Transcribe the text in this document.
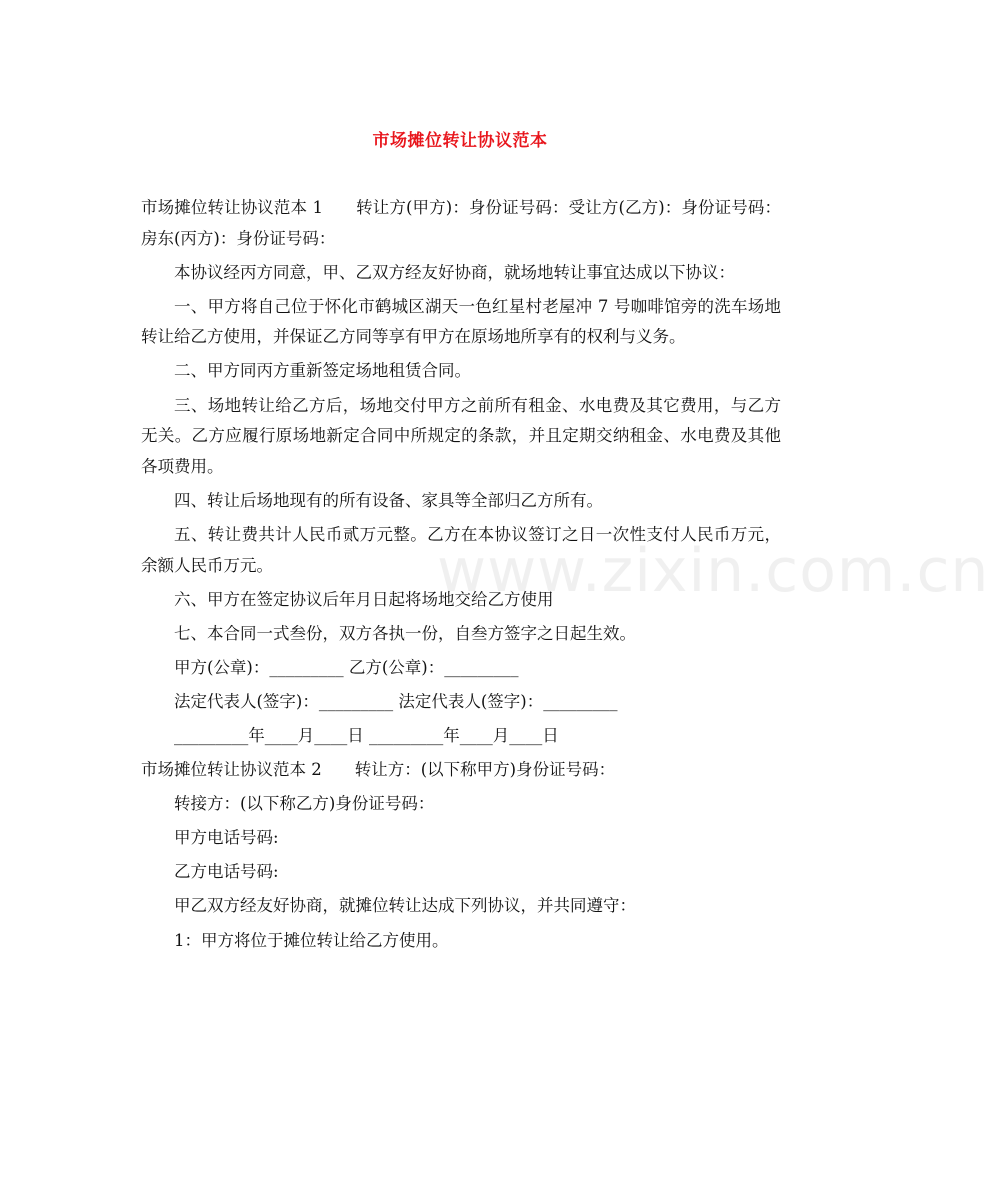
市场摊位转让协议范本

市场摊位转让协议范本 1 转让方(甲方)：身份证号码：受让方(乙方)：身份证号码：房东(丙方)：身份证号码：

本协议经丙方同意，甲、乙双方经友好协商，就场地转让事宜达成以下协议：

一、甲方将自己位于怀化市鹤城区湖天一色红星村老屋冲 7 号咖啡馆旁的洗车场地转让给乙方使用，并保证乙方同等享有甲方在原场地所享有的权利与义务。

二、甲方同丙方重新签定场地租赁合同。

三、场地转让给乙方后，场地交付甲方之前所有租金、水电费及其它费用，与乙方无关。乙方应履行原场地新定合同中所规定的条款，并且定期交纳租金、水电费及其他各项费用。

四、转让后场地现有的所有设备、家具等全部归乙方所有。

五、转让费共计人民币贰万元整。乙方在本协议签订之日一次性支付人民币万元，余额人民币万元。

六、甲方在签定协议后年月日起将场地交给乙方使用

七、本合同一式叁份，双方各执一份，自叁方签字之日起生效。

甲方(公章)：_________ 乙方(公章)：_________

法定代表人(签字)：_________ 法定代表人(签字)：_________

_________年____月____日 _________年____月____日

市场摊位转让协议范本 2 转让方：(以下称甲方)身份证号码：

转接方：(以下称乙方)身份证号码：

甲方电话号码:

乙方电话号码:

甲乙双方经友好协商，就摊位转让达成下列协议，并共同遵守：

1：甲方将位于摊位转让给乙方使用。

www.zixin.com.cn
